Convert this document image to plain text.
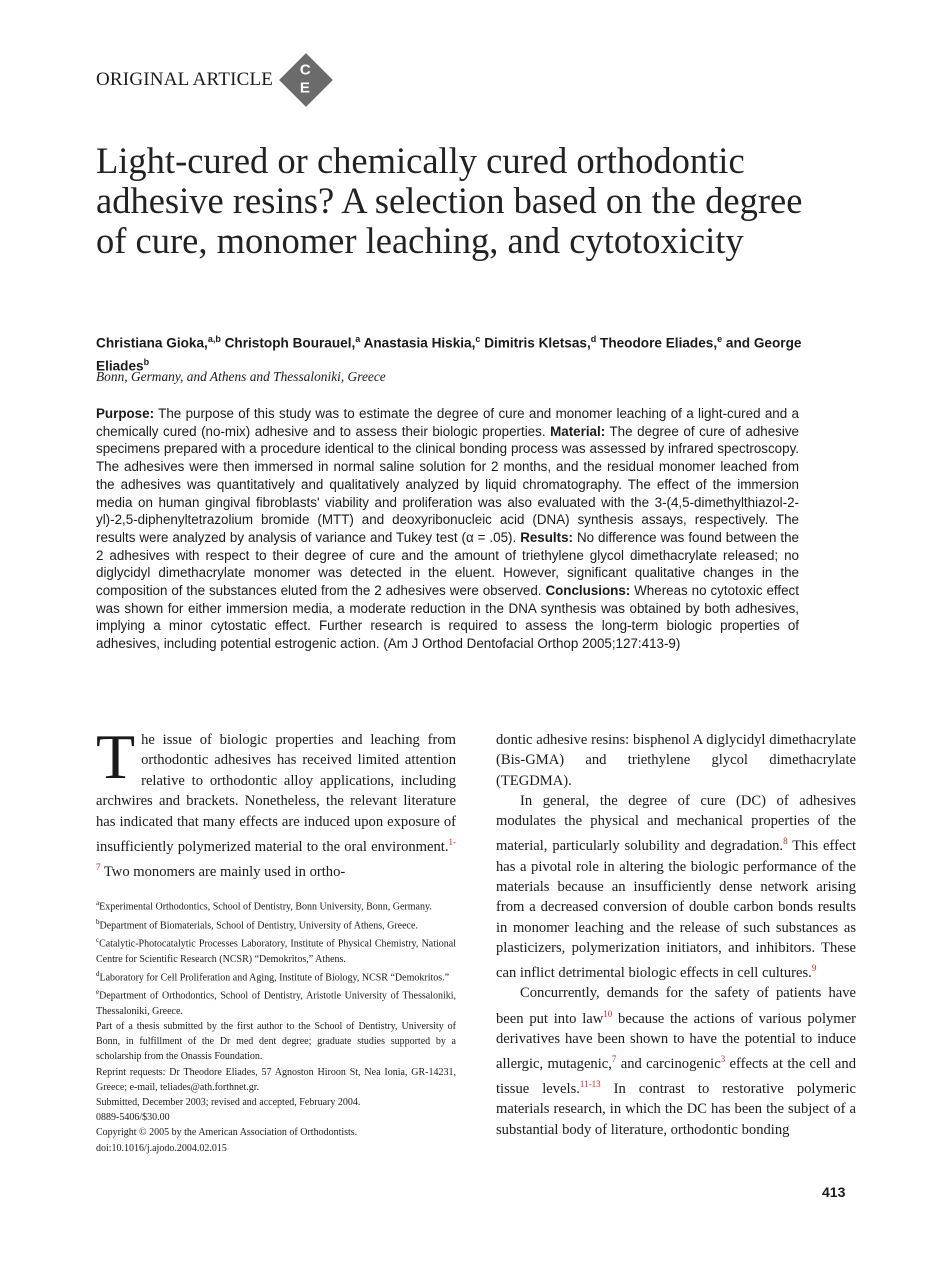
ORIGINAL ARTICLE C
E
Light-cured or chemically cured orthodontic adhesive resins? A selection based on the degree of cure, monomer leaching, and cytotoxicity
Christiana Gioka,$^{a,b}$ Christoph Bourauel,$^a$ Anastasia Hiskia,$^c$ Dimitris Kletsas,$^d$ Theodore Eliades,$^e$ and George Eliades$^b$
Bonn, Germany, and Athens and Thessaloniki, Greece
Purpose: The purpose of this study was to estimate the degree of cure and monomer leaching of a light-cured and a chemically cured (no-mix) adhesive and to assess their biologic properties. Material: The degree of cure of adhesive specimens prepared with a procedure identical to the clinical bonding process was assessed by infrared spectroscopy. The adhesives were then immersed in normal saline solution for 2 months, and the residual monomer leached from the adhesives was quantitatively and qualitatively analyzed by liquid chromatography. The effect of the immersion media on human gingival fibroblasts' viability and proliferation was also evaluated with the 3-(4,5-dimethylthiazol-2-yl)-2,5-diphenyltetrazolium bromide (MTT) and deoxyribonucleic acid (DNA) synthesis assays, respectively. The results were analyzed by analysis of variance and Tukey test (α = .05). Results: No difference was found between the 2 adhesives with respect to their degree of cure and the amount of triethylene glycol dimethacrylate released; no diglycidyl dimethacrylate monomer was detected in the eluent. However, significant qualitative changes in the composition of the substances eluted from the 2 adhesives were observed. Conclusions: Whereas no cytotoxic effect was shown for either immersion media, a moderate reduction in the DNA synthesis was obtained by both adhesives, implying a minor cytostatic effect. Further research is required to assess the long-term biologic properties of adhesives, including potential estrogenic action. (Am J Orthod Dentofacial Orthop 2005;127:413-9)
The issue of biologic properties and leaching from orthodontic adhesives has received limited attention relative to orthodontic alloy applications, including archwires and brackets. Nonetheless, the relevant literature has indicated that many effects are induced upon exposure of insufficiently polymerized material to the oral environment.$^{1-7}$ Two monomers are mainly used in ortho-

$^a$Experimental Orthodontics, School of Dentistry, Bonn University, Bonn, Germany.

$^b$Department of Biomaterials, School of Dentistry, University of Athens, Greece.

$^c$Catalytic-Photocatalytic Processes Laboratory, Institute of Physical Chemistry, National Centre for Scientific Research (NCSR) “Demokritos,” Athens.

$^d$Laboratory for Cell Proliferation and Aging, Institute of Biology, NCSR “Demokritos.”

$^e$Department of Orthodontics, School of Dentistry, Aristotle University of Thessaloniki, Thessaloniki, Greece.

Part of a thesis submitted by the first author to the School of Dentistry, University of Bonn, in fulfillment of the Dr med dent degree; graduate studies supported by a scholarship from the Onassis Foundation.

Reprint requests: Dr Theodore Eliades, 57 Agnoston Hiroon St, Nea Ionia, GR-14231, Greece; e-mail, teliades@ath.forthnet.gr.

Submitted, December 2003; revised and accepted, February 2004.

0889-5406/$30.00

Copyright © 2005 by the American Association of Orthodontists.

doi:10.1016/j.ajodo.2004.02.015

dontic adhesive resins: bisphenol A diglycidyl dimethacrylate (Bis-GMA) and triethylene glycol dimethacrylate (TEGDMA).

In general, the degree of cure (DC) of adhesives modulates the physical and mechanical properties of the material, particularly solubility and degradation.$^8$ This effect has a pivotal role in altering the biologic performance of the materials because an insufficiently dense network arising from a decreased conversion of double carbon bonds results in monomer leaching and the release of such substances as plasticizers, polymerization initiators, and inhibitors. These can inflict detrimental biologic effects in cell cultures.$^9$

Concurrently, demands for the safety of patients have been put into law$^{10}$ because the actions of various polymer derivatives have been shown to have the potential to induce allergic, mutagenic,$^7$ and carcinogenic$^3$ effects at the cell and tissue levels.$^{11-13}$ In contrast to restorative polymeric materials research, in which the DC has been the subject of a substantial body of literature, orthodontic bonding

413
